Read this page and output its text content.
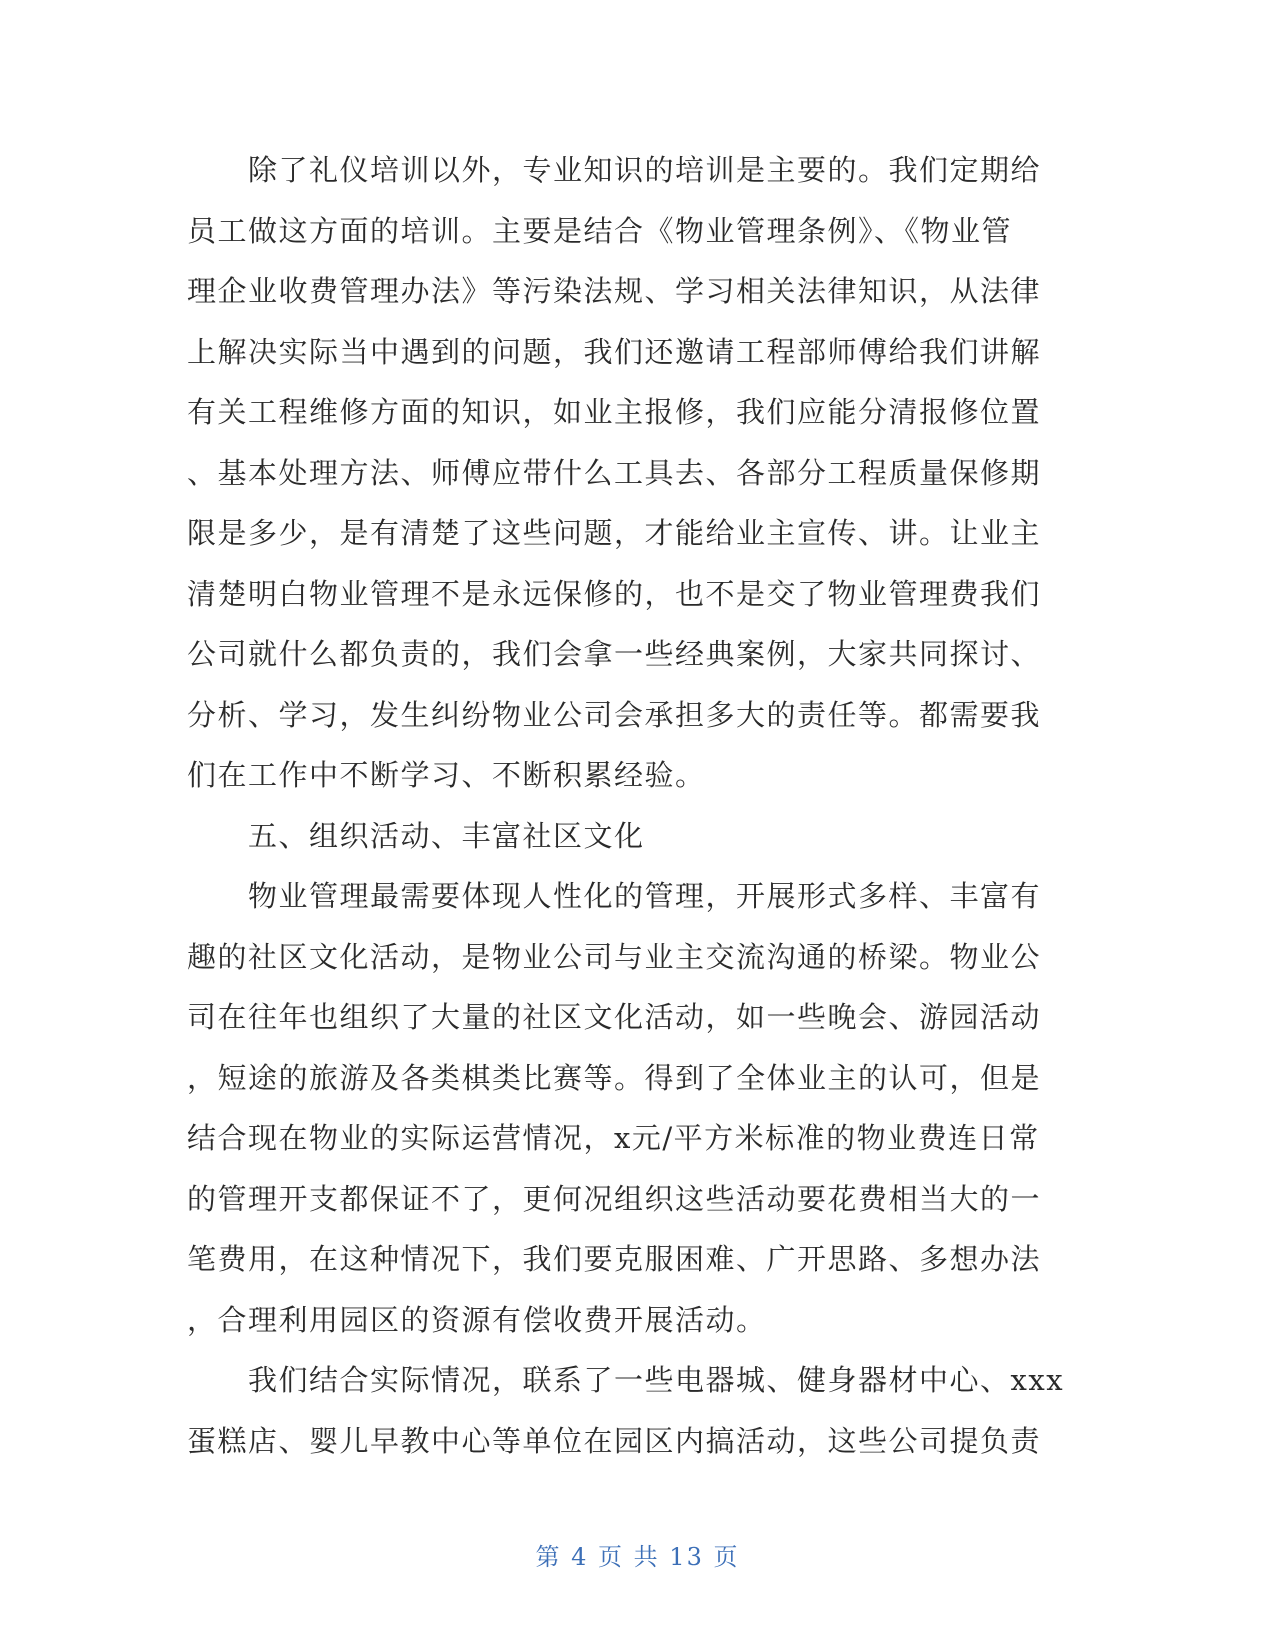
除了礼仪培训以外，专业知识的培训是主要的。我们定期给
员工做这方面的培训。主要是结合《物业管理条例》、《物业管
理企业收费管理办法》等污染法规、学习相关法律知识，从法律
上解决实际当中遇到的问题，我们还邀请工程部师傅给我们讲解
有关工程维修方面的知识，如业主报修，我们应能分清报修位置
、基本处理方法、师傅应带什么工具去、各部分工程质量保修期
限是多少，是有清楚了这些问题，才能给业主宣传、讲。让业主
清楚明白物业管理不是永远保修的，也不是交了物业管理费我们
公司就什么都负责的，我们会拿一些经典案例，大家共同探讨、
分析、学习，发生纠纷物业公司会承担多大的责任等。都需要我
们在工作中不断学习、不断积累经验。
五、组织活动、丰富社区文化
物业管理最需要体现人性化的管理，开展形式多样、丰富有
趣的社区文化活动，是物业公司与业主交流沟通的桥梁。物业公
司在往年也组织了大量的社区文化活动，如一些晚会、游园活动
，短途的旅游及各类棋类比赛等。得到了全体业主的认可，但是
结合现在物业的实际运营情况，x元/平方米标准的物业费连日常
的管理开支都保证不了，更何况组织这些活动要花费相当大的一
笔费用，在这种情况下，我们要克服困难、广开思路、多想办法
，合理利用园区的资源有偿收费开展活动。
我们结合实际情况，联系了一些电器城、健身器材中心、xxx
蛋糕店、婴儿早教中心等单位在园区内搞活动，这些公司提负责
第 4 页 共 13 页
